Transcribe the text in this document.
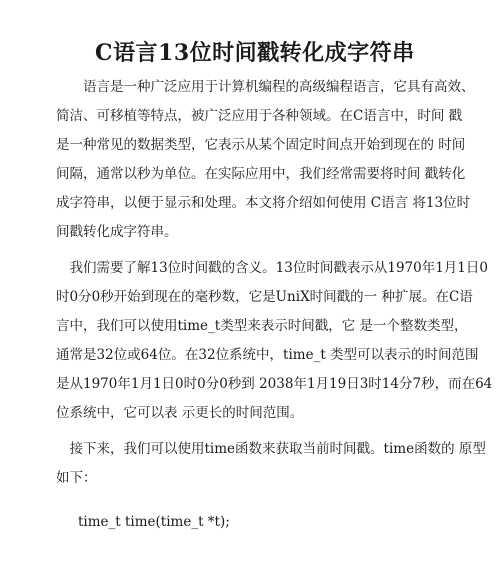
C语言13位时间戳转化成字符串
　　语言是一种广泛应用于计算机编程的高级编程语言，它具有高效、
简洁、可移植等特点，被广泛应用于各种领域。在C语言中，时间 戳
是一种常见的数据类型，它表示从某个固定时间点开始到现在的 时间
间隔，通常以秒为单位。在实际应用中，我们经常需要将时间 戳转化
成字符串，以便于显示和处理。本文将介绍如何使用 C语言 将13位时
间戳转化成字符串。
　我们需要了解13位时间戳的含义。13位时间戳表示从1970年1月1日0
时0分0秒开始到现在的毫秒数，它是UniX时间戳的一 种扩展。在C语
言中，我们可以使用time_t类型来表示时间戳，它 是一个整数类型，
通常是32位或64位。在32位系统中，time_t 类型可以表示的时间范围
是从1970年1月1日0时0分0秒到 2038年1月19日3时14分7秒，而在64
位系统中，它可以表 示更长的时间范围。
　接下来，我们可以使用time函数来获取当前时间戳。time函数的 原型
如下：
time_t time(time_t *t);
